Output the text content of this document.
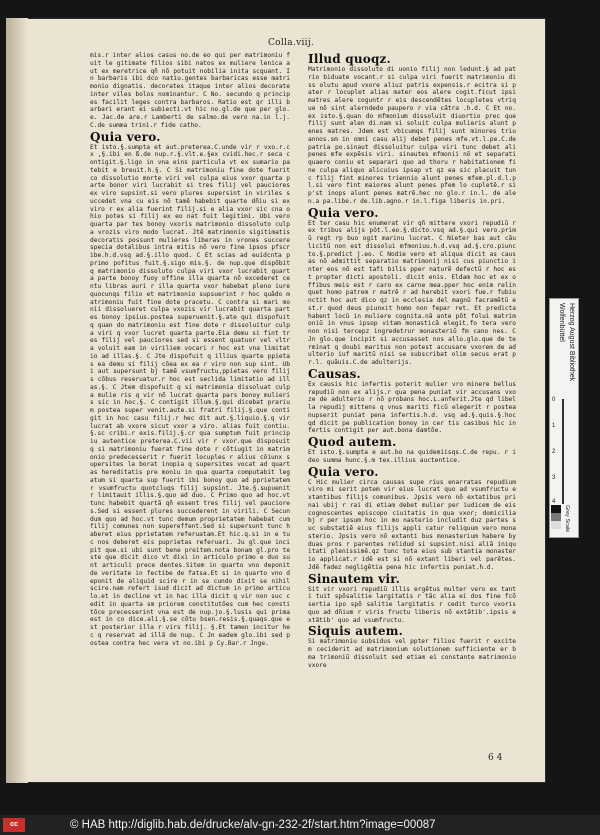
Colla.viij.
mis.r inter alios casus no.de eo qui per matrimoniu fuit le gitimate filios sibi natos ex muliere lenica aut ex meretrice qñ nõ potuit nobilia inita scquant. In barbaris ibi dco natiu.gentes barbaricas esse matrimonio dignatis. decorates itaque inter alios decorate inter viles bolos nominantur. C No. secundo q principes facilit leges contra barbaros. Ratio est qr illi barbari erant ei subiecti.vt hic no.gl.de que per glo.e. Jac.de are.r Lamberti de salmo.de vero na.in l.j.C.de summa trini.r fide catho.
Quia vero.
Et isto.§.sumpta et aut.preterea.C.unde vir r vxo.r.cx ,§.ibi en ß.de nup.r.§.vlt.e.§ex cvidi.hec.r seca contigit.§.ligo in vna eins particula vt ex sumario patebit e breuit.h.§. C Si matrimoniu fine dote fuerit co dissolutio morte viri vel culpa eius vxor quarta parte bonor viri lucrabit si tres filij vel pauciores ex viro supsint.si vero plures supersint in viriles succedet vna cu eis nõ tamẽ habebit quarte dñiu si ex viro r ex alia fuerint filij.si e alia vxor sic cna ohio potes si filij ex eo nat fuit legitimi. Ubi vero quarta par tes bonoy vxoris matrimonio dissoluto culpa vrozis viro modo lucrat. Jtẽ matrimonio sigitimatis decoratis possunt mulieres liberas in vrones succere specia dotalibus intra mitis nõ vero fine ipsos pfscribe.h.d.vsq ad.§.illo quod. C Et scias ad euidcnta p primo pofitus fuit.§.sigo mis.§. de nup.que dispõbit q matrimonio dissoluto culpa viri vxor lucrabit quarta parte bonoy fuoy offine illa quarta nõ excederet centu libras auri r illa quarta vxor habebat pleno iure quocunqs filio et matrimonio supsuerint r hoc quãdo matrimoniu fuit fine dote pracetu. C contra si mari monii dissolueret culpa vxozis vir lucrabit quarta partes bonoy ipsius.postea superuenit.§.ate qui dispofuit q quan do matrimoniu est fine dote r dissoluitur culpa viri q vxor lucret quarta parte.Eia demu si fint tres filij vel pauciores sed si essent quatuor vel vltra voluit eam in viriliem vocari r hoc est vna limitatio ad illas.§. C Jte dispofuit q illius quarte ppietas ea demu si filij cõea ex ea r viro non sup sint. Ubi aut supersunt bj tamẽ vsumfructu,ppietas vero filijs cõbus reseruatur.r hoc est seclida limitatio ad illas.§. C Jtem dispofuit q si matrimonia dissoluat culpa mulie ris q vir nõ lucrat quarta pars bonoy mulieris sic in hoc.§. C contigit illum.§.qui dicebat prarium postea super venit.aute.si fratri filij.§.que contigit in hoc casu filij.r hec dit aut.§.liquio.§.q vir lucrat ab vxore sicut vxor a viro. alias fuit contiu.§.sc cribi.r exis.filij.§.cr qua sumptum fuit principiu autentice preterea.C.vii vir r vxor.que disposuit q si matrimoniu fuerat fine dote r cõtiugit in matrimonio predecesserit r fuerit locuples r alius cõiunx supersites la borat inopia q supersites vocat ad quartas hereditatis pre moniu in qua quarta computabit legatum si quarta sup fuerit ibi bonoy quo ad pprietatem r vsumfructu quotcluqs filij supsint. Jte.§.supuenit r limitauit illis.§.quo ad duo. C Primo quo ad hoc.vt tunc habebit quartã qñ essent tres filij vel pauciores.Sed si essent plures succederent in virili. C Secundum quo ad hoc.vt tunc demum proprietatem habebat cum filij comunes non supereffent.Sed si supersunt tunc haberet eius pprietatem referuatam.Et hic.q.si in e tuc nos deberet eis puprietas referuari. Ju gl.que incipit que.si ubi sunt bene preitem.nota bonam gl.pro teste que dicit dico vt dixi in articulo primo e duo sunt articuli prece dentes.Sitem in quarto vno deponit de veritate in fectibe de fatsa.Et si in quarto vno deponit de aliquid scire r in se cundo dixit se nihil scire.nam refert isud dicit ad dictum in primo articulo.et in decline vt in hac illa dicit q vir non suc cedit in quarta sm priorem constitutões cum hec constitõce precesserint vna est de nup.jo.§.lusis qui prima est in co dice.ali.§.se cõtu bsen.resis.§.quaqs.que est posterior illa r virs filij. §.Et tamen incitur hec q reservat ad illã de nup. C Jn eadem glo.ibi sed postea contra hec vera vt no.ibi p Cy.Bar.r Jnge.
Illud quoqz.
Matrimonio dissoluto di uonio filij non ledunt.§ ad patrio biduate vocant.r si culpa viri fuerit matrimoniu diss olutu apud vxore aliuz patris expensis.r ecitra si pater r locuplet alias mater eos alere cogit.ficut ipsi matres alere coguntr r eis descendẽtes locupletes vtrique nõ sint alerndedo paupero r via cãtra .h.d. C Et no.ex isto.§.quan do mfmonium dissoluit diuortio prec que filij sunt alen di.nam si soluit culpa mulieris alunt penes matres. Jdem est vbicumqs filij sunt minores triu annos.sm in omni casu alij debet penes mfe.vt.l.pe.C.de patria po.sinaut dissoluitur culpa viri tunc debet ali penes mfe expẽsis viri. sinautes mfmonii nõ et separati quaero coniu et separari quo ad thoru r habitationem fine culpa aliquo alicuius ipsap vt qz ea sic placuit tunc filij fint minores triennio alunt penes mfem.pl.d.l.pl.si vero fint maiores alunt penes pfem lo cupletẽ.r si p'st inops alunt penes matrẽ.hec no glo.r in.l. de alen.a pa.libe.r de.lib.agno.r in.l.figa liberis in.pri.
Quia vero.
Et ter casu hic enumerat vir qñ mittere vxori repudiũ r ex tribus alijs pöt.l.eo.§.dicto.vsq ad.§.qui vero.primũ regt rp buo ogit marinu lucrat. C Nieter bas aut cãu licitũ non est dissolui mfmoniuu.h.d.vsq ad.§.cro.piuncto.§.predict j.eo. C Nodie vero et aliqua dicit as causas nõ admittit separatio matrimonij nisi cus piunctio inter eos nõ est tafi bilis pper naturẽ defectũ r hoc est propter dicti apostoli. dicit enis. Eldam hoc et ex offibus meis est r caro ex carne mea.pper hoc enim relinquet homo patrem r matrẽ r ad herebit vxori fue.r fubiunctit hoc aut dico qz in ecclesia del magnũ facramẽtũ est.r quod deus piunxit homo non fepar ret. Et predicta habent locũ in muliere cognita.nã ante põt folui matrimoniũ in vnus ipsop vitam monasticã elegit.fo tera vero non nisi tercepz ingredetrur monasteriũ fm cano nes. C Jn glo.que incipit si accusasset nos allo.glo.que de terminat q doubi maritus non potest accusare vxorem de adulterio iuf maritũ nisi se subscribat olim secus erat pr.l. quãuis.C.de adulterijs.
Causas.
Ex causis hic infertis poterit mulier vro minere bellus repudiũ non ex alijs.r qua pena puniat vir accusans vxoze de adulterio r nõ probans hoc.L.anferit.Jte qd libella repudij mittens q vnus mariti ficũ elegerit r postea nupserit puniat pena infertis.h.d. vsq ad.§.quis.§.hoc qd dicit pe publication bonoy in cer tis casibus hic infertis contigit per aut.bona damtõe.
Quod autem.
Et isto.§.sumpta e aut.bo na quidemiisqs.C.de repu. r ideo summa hunc.§.m tex.illius auctentice.
Quia vero.
C Hic mulier circa causas supe rius enarratas repudium viro mi serit potem vir eius lucrat quo ad vsumfructu extantibus filijs comunibus. Jpsis vero nõ extatibus prinai ubij r rai di etiam debet mulier per iudicem de eis cognoscentes episcopo ciuitatis in qua vxor; domicilia bj r per ipsum hoc in mo nasterio includit duz partes suc substatiẽ eius filijs appli catur reliquum vero monasterio. Jpsis vero nõ extanti bus monasterium habere by duas pros r parentes relidud si supsint.nisi aliã iniquitati plenissimẽ.qz tunc tota eius sub stantia monasterio applicat.r idẽ est si nõ extant liberi vel parẽtes. Jdẽ fadez negligẽtia pena hic infertis puniat.h.d.
Sinautem vir.
Sit vir vxori repudiũ illis ergẽtus multer vero ex tanti tuit spõsalitie largitatis r tãc alia ei dos fine fcõ sertia ipo spõ salitie largitatis r cedit turco vxoris quo ad dñium r viris fructu liberis nõ extãtib'.ipsis extãtib' quo ad vsumfructu.
Siquis autem.
Si matrimoniu subsidus vel ppter filios fuerit r excitem ceciderit ad matrimonium solutionem sufficiente er b ma trimoniũ dissoluit sed etiam ei constante matrimonio vxore
6 4
Herzog August Bibliothek Wolfenbüttel
0
1
2
3
4
Grey Scale
cc	© HAB http://diglib.hab.de/drucke/alv-gn-232-2f/start.htm?image=00087
